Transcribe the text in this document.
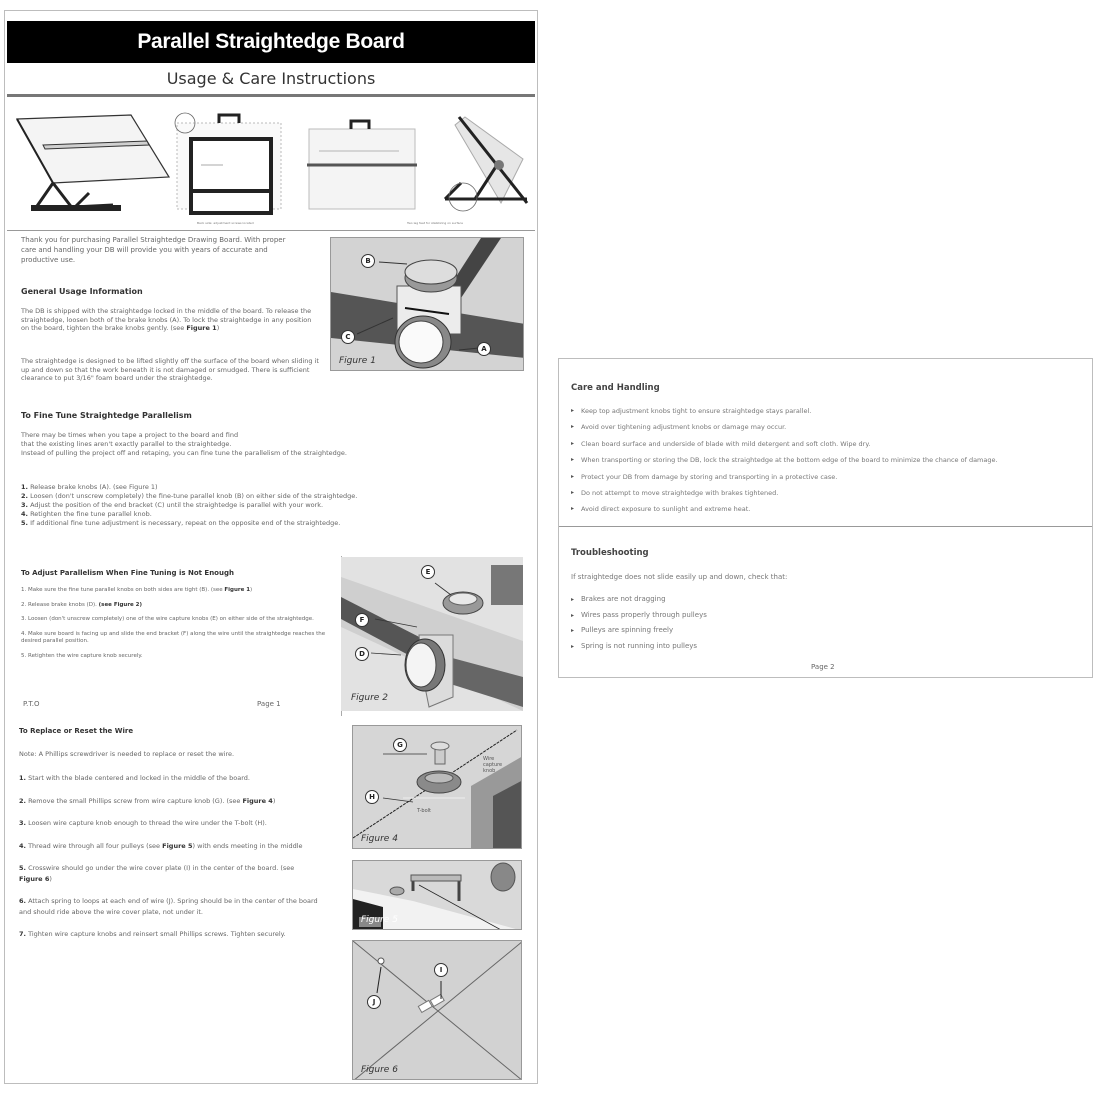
Parallel Straightedge Board
Usage & Care Instructions
Back side: adjustment screws located	Two leg feet for stabilizing on surface
Thank you for purchasing Parallel Straightedge Drawing Board. With proper care and handling your DB will provide you with years of accurate and productive use.
General Usage Information
The DB is shipped with the straightedge locked in the middle of the board. To release the straightedge, loosen both of the brake knobs (A). To lock the straightedge in any position on the board, tighten the brake knobs gently. (see Figure 1)
The straightedge is designed to be lifted slightly off the surface of the board when sliding it up and down so that the work beneath it is not damaged or smudged. There is sufficient clearance to put 3/16" foam board under the straightedge.
B
C
A
Figure 1
To Fine Tune Straightedge Parallelism
There may be times when you tape a project to the board and find
that the existing lines aren't exactly parallel to the straightedge.
Instead of pulling the project off and retaping, you can fine tune the parallelism of the straightedge.
1. Release brake knobs (A). (see Figure 1)
2. Loosen (don't unscrew completely) the fine-tune parallel knob (B) on either side of the straightedge.
3. Adjust the position of the end bracket (C) until the straightedge is parallel with your work.
4. Retighten the fine tune parallel knob.
5. If additional fine tune adjustment is necessary, repeat on the opposite end of the straightedge.
To Adjust Parallelism When Fine Tuning is Not Enough
1. Make sure the fine tune parallel knobs on both sides are tight (B). (see Figure 1)
2. Release brake knobs (D). (see Figure 2)
3. Loosen (don't unscrew completely) one of the wire capture knobs (E) on either side of the straightedge.
4. Make sure board is facing up and slide the end bracket (F) along the wire until the straightedge reaches the desired parallel position.
5. Retighten the wire capture knob securely.
P.T.O	Page 1
E
F
D
Figure 2
To Replace or Reset the Wire
Note: A Phillips screwdriver is needed to replace or reset the wire.
1. Start with the blade centered and locked in the middle of the board.
2. Remove the small Phillips screw from wire capture knob (G). (see Figure 4)
3. Loosen wire capture knob enough to thread the wire under the T-bolt (H).
4. Thread wire through all four pulleys (see Figure 5) with ends meeting in the middle
5. Crosswire should go under the wire cover plate (I) in the center of the board. (see Figure 6)
6. Attach spring to loops at each end of wire (J). Spring should be in the center of the board and should ride above the wire cover plate, not under it.
7. Tighten wire capture knobs and reinsert small Phillips screws. Tighten securely.
G
H
Wire capture knob
T-bolt
Figure 4
Figure 5
I
J
Figure 6
Care and Handling
▸ Keep top adjustment knobs tight to ensure straightedge stays parallel.
▸ Avoid over tightening adjustment knobs or damage may occur.
▸ Clean board surface and underside of blade with mild detergent and soft cloth. Wipe dry.
▸ When transporting or storing the DB, lock the straightedge at the bottom edge of the board to minimize the chance of damage.
▸ Protect your DB from damage by storing and transporting in a protective case.
▸ Do not attempt to move straightedge with brakes tightened.
▸ Avoid direct exposure to sunlight and extreme heat.
Troubleshooting
If straightedge does not slide easily up and down, check that:
▸ Brakes are not dragging
▸ Wires pass properly through pulleys
▸ Pulleys are spinning freely
▸ Spring is not running into pulleys
Page 2
